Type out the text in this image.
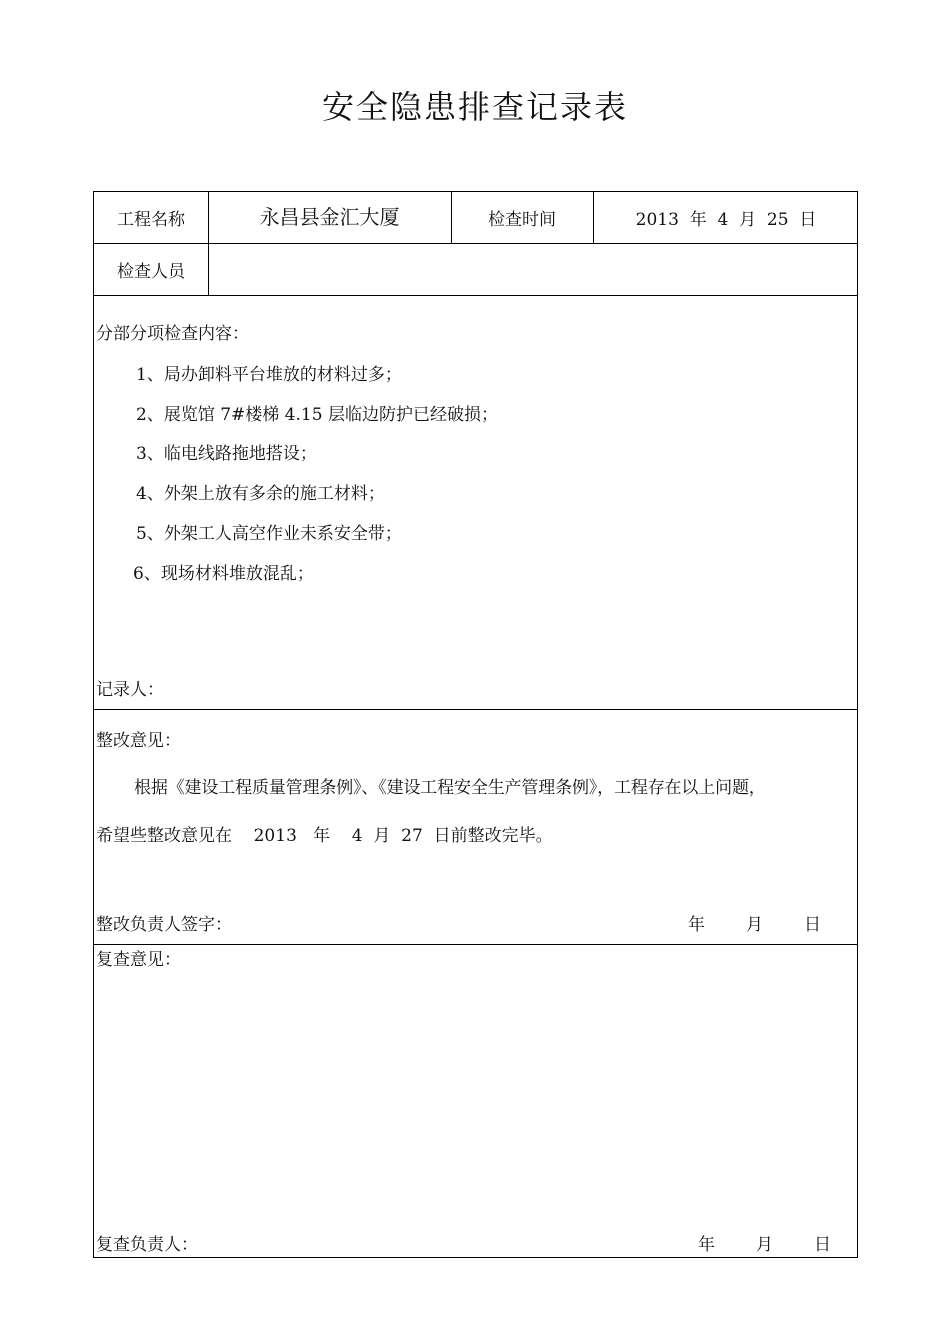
安全隐患排查记录表
工程名称	永昌县金汇大厦	检查时间	2013  年  4  月  25  日
检查人员
分部分项检查内容：
1、局办卸料平台堆放的材料过多；
2、展览馆 7#楼梯 4.15 层临边防护已经破损；
3、临电线路拖地搭设；
4、外架上放有多余的施工材料；
5、外架工人高空作业未系安全带；
6、现场材料堆放混乱；
记录人：
整改意见：
根据《建设工程质量管理条例》、《建设工程安全生产管理条例》，工程存在以上问题，
希望些整改意见在    2013   年    4  月  27  日前整改完毕。
整改负责人签字：	年 月 日
复查意见：
复查负责人：	年 月 日
